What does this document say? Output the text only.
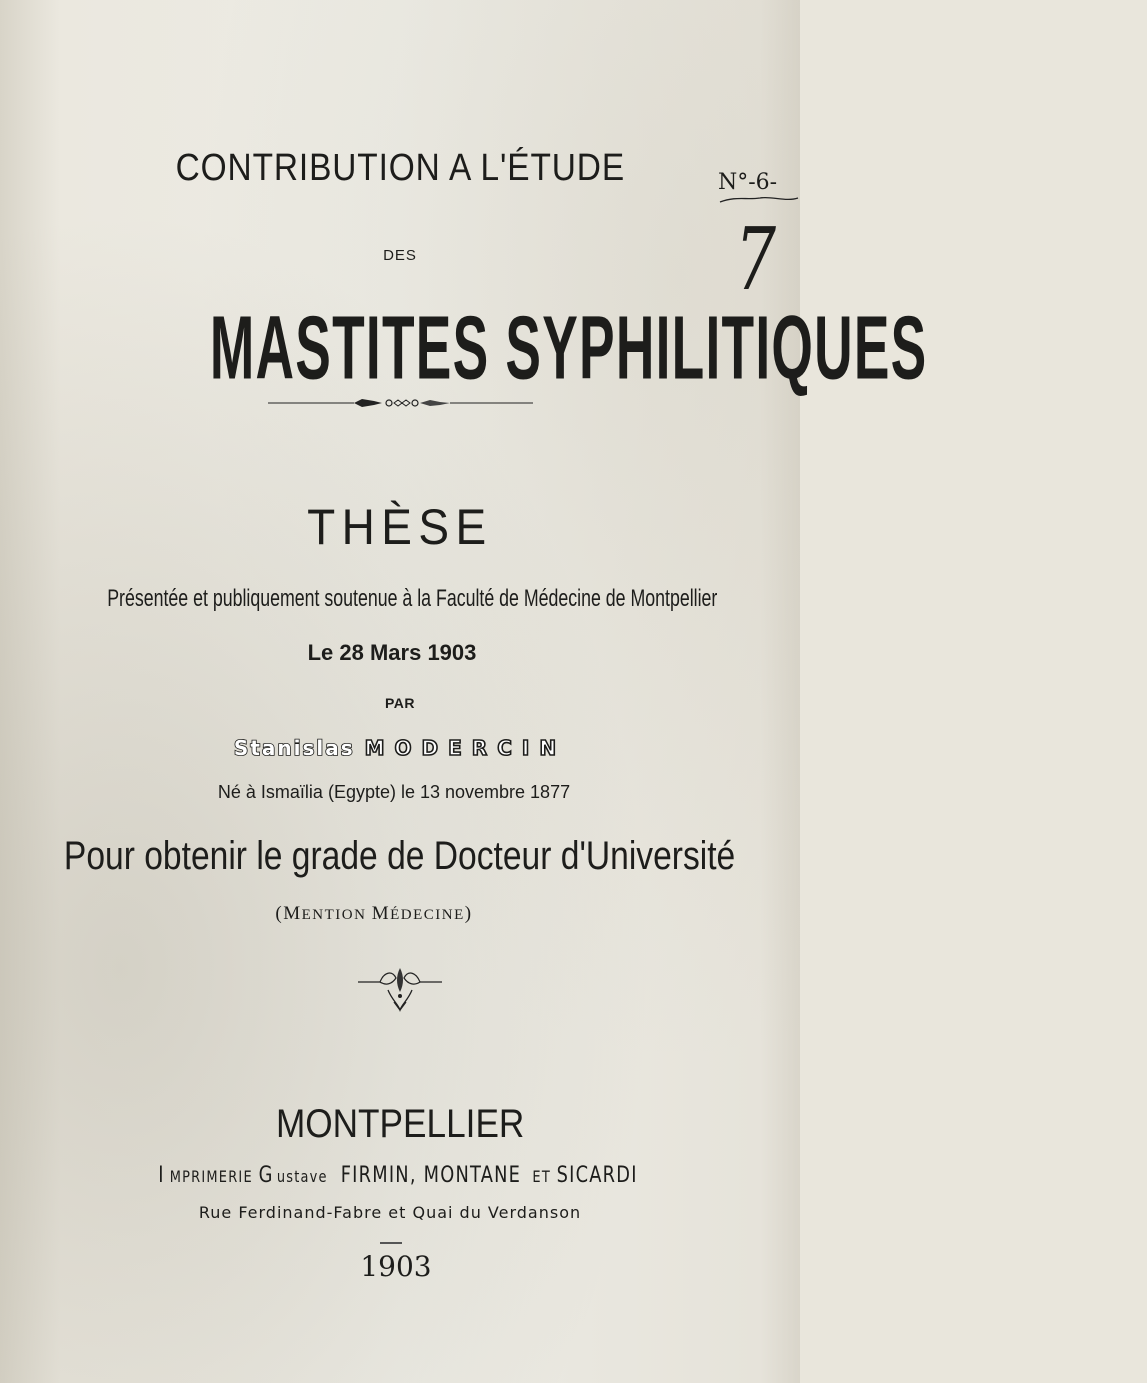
CONTRIBUTION A L'ÉTUDE
DES
MASTITES SYPHILITIQUES
THÈSE
Présentée et publiquement soutenue à la Faculté de Médecine de Montpellier
Le 28 Mars 1903
PAR
Stanislas MODERCIN
Né à Ismaïlia (Egypte) le 13 novembre 1877
Pour obtenir le grade de Docteur d'Université
(MENTION MÉDECINE)
MONTPELLIER
I MPRIMERIEG ustaveFIRMIN, MONTANEETSICARDI
Rue Ferdinand-Fabre et Quai du Verdanson
1903
N°-6-
7
